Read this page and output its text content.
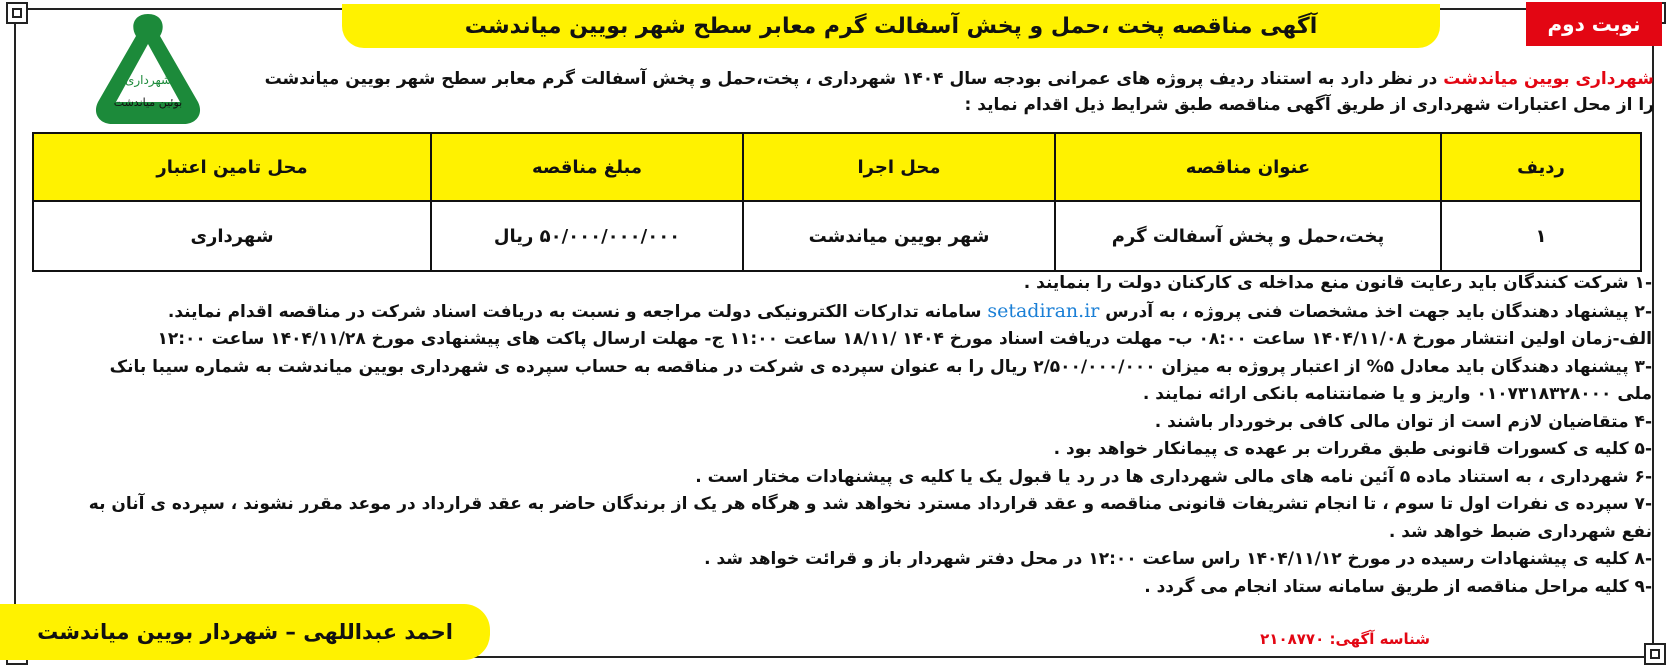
آگهی مناقصه پخت ،حمل و پخش آسفالت گرم معابر سطح شهر بویین میاندشت	نوبت دوم
شهرداری
بوئین میاندشت
شهرداری بویین میاندشت در نظر دارد به استناد ردیف پروژه های عمرانی بودجه سال ۱۴۰۴ شهرداری ، پخت،حمل و پخش آسفالت گرم معابر سطح شهر بویین میاندشت
را از محل اعتبارات شهرداری از طریق آگهی مناقصه طبق شرایط ذیل اقدام نماید :
ردیف	عنوان مناقصه	محل اجرا	مبلغ مناقصه	محل تامین اعتبار
۱	پخت،حمل و پخش آسفالت گرم	شهر بویین میاندشت	۵۰/۰۰۰/۰۰۰/۰۰۰ ریال	شهرداری

-۱ شرکت کنندگان باید رعایت قانون منع مداخله ی کارکنان دولت را بنمایند .

-۲ پیشنهاد دهندگان باید جهت اخذ مشخصات فنی پروژه ، به آدرس setadiran.ir سامانه تدارکات الکترونیکی دولت مراجعه و نسبت به دریافت اسناد شرکت در مناقصه اقدام نمایند.

الف-زمان اولین انتشار مورخ ۱۴۰۴/۱۱/۰۸ ساعت ۰۸:۰۰ ب- مهلت دریافت اسناد مورخ ۱۴۰۴ /۱۸/۱۱ ساعت ۱۱:۰۰ ج- مهلت ارسال پاکت های پیشنهادی مورخ ۱۴۰۴/۱۱/۲۸ ساعت ۱۲:۰۰

-۳ پیشنهاد دهندگان باید معادل ۵% از اعتبار پروژه به میزان ۲/۵۰۰/۰۰۰/۰۰۰ ریال را به عنوان سپرده ی شرکت در مناقصه به حساب سپرده ی شهرداری بویین میاندشت به شماره سیبا بانک

ملی ۰۱۰۷۳۱۸۳۲۸۰۰۰ واریز و یا ضمانتنامه بانکی ارائه نمایند .

-۴ متقاضیان لازم است از توان مالی کافی برخوردار باشند .

-۵ کلیه ی کسورات قانونی طبق مقررات بر عهده ی پیمانکار خواهد بود .

-۶ شهرداری ، به استناد ماده ۵ آئین نامه های مالی شهرداری ها در رد یا قبول یک یا کلیه ی پیشنهادات مختار است .

-۷ سپرده ی نفرات اول تا سوم ، تا انجام تشریفات قانونی مناقصه و عقد قرارداد مسترد نخواهد شد و هرگاه هر یک از برندگان حاضر به عقد قرارداد در موعد مقرر نشوند ، سپرده ی آنان به

نفع شهرداری ضبط خواهد شد .

-۸ کلیه ی پیشنهادات رسیده در مورخ ۱۴۰۴/۱۱/۱۲ راس ساعت ۱۲:۰۰ در محل دفتر شهردار باز و قرائت خواهد شد .

-۹ کلیه مراحل مناقصه از طریق سامانه ستاد انجام می گردد .

احمد عبداللهی – شهردار بویین میاندشت	شناسه آگهی: ۲۱۰۸۷۷۰
